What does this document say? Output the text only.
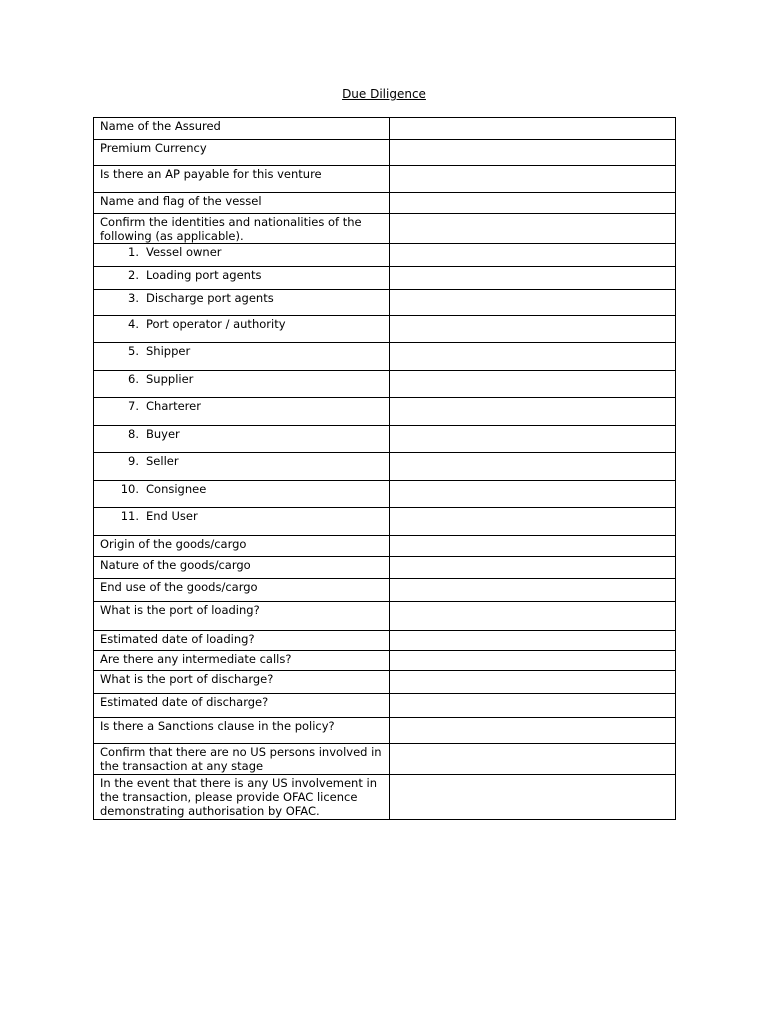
Due Diligence
Name of the Assured	
Premium Currency	
Is there an AP payable for this venture	
Name and flag of the vessel	
Confirm the identities and nationalities of the following (as applicable).	
1. Vessel owner	
2. Loading port agents	
3. Discharge port agents	
4. Port operator / authority	
5. Shipper	
6. Supplier	
7. Charterer	
8. Buyer	
9. Seller	
10. Consignee	
11. End User	
Origin of the goods/cargo	
Nature of the goods/cargo	
End use of the goods/cargo	
What is the port of loading?	
Estimated date of loading?	
Are there any intermediate calls?	
What is the port of discharge?	
Estimated date of discharge?	
Is there a Sanctions clause in the policy?	
Confirm that there are no US persons involved in the transaction at any stage	
In the event that there is any US involvement in the transaction, please provide OFAC licence demonstrating authorisation by OFAC.	
